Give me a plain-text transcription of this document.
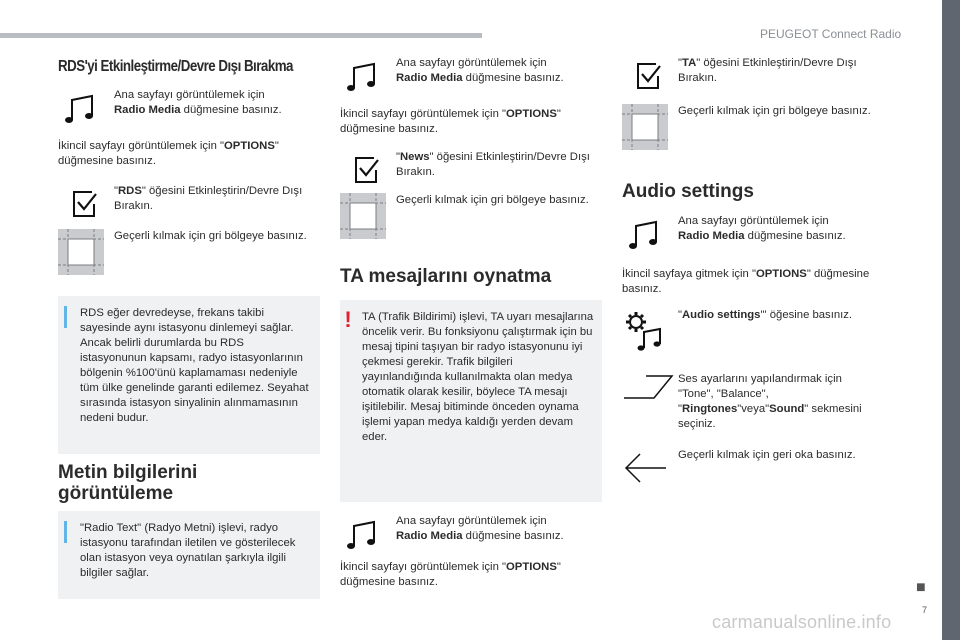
PEUGEOT Connect Radio
■
7
carmanualsonline.info
RDS'yi Etkinleştirme/Devre Dışı Bırakma
Ana sayfayı görüntülemek için
Radio Media düğmesine basınız.
İkincil sayfayı görüntülemek için "OPTIONS" düğmesine basınız.
"RDS" öğesini Etkinleştirin/Devre Dışı Bırakın.
Geçerli kılmak için gri bölgeye basınız.
RDS eğer devredeyse, frekans takibi sayesinde aynı istasyonu dinlemeyi sağlar. Ancak belirli durumlarda bu RDS istasyonunun kapsamı, radyo istasyonlarının bölgenin %100'ünü kaplamaması nedeniyle tüm ülke genelinde garanti edilemez. Seyahat sırasında istasyon sinyalinin alınmamasının nedeni budur.
Metin bilgilerini görüntüleme
"Radio Text" (Radyo Metni) işlevi, radyo istasyonu tarafından iletilen ve gösterilecek olan istasyon veya oynatılan şarkıyla ilgili bilgiler sağlar.
Ana sayfayı görüntülemek için
Radio Media düğmesine basınız.
İkincil sayfayı görüntülemek için "OPTIONS" düğmesine basınız.
"News" öğesini Etkinleştirin/Devre Dışı Bırakın.
Geçerli kılmak için gri bölgeye basınız.
TA mesajlarını oynatma
! TA (Trafik Bildirimi) işlevi, TA uyarı mesajlarına öncelik verir. Bu fonksiyonu çalıştırmak için bu mesaj tipini taşıyan bir radyo istasyonunu iyi çekmesi gerekir. Trafik bilgileri yayınlandığında kullanılmakta olan medya otomatik olarak kesilir, böylece TA mesajı işitilebilir. Mesaj bitiminde önceden oynama işlemi yapan medya kaldığı yerden devam eder.
Ana sayfayı görüntülemek için
Radio Media düğmesine basınız.
İkincil sayfayı görüntülemek için "OPTIONS" düğmesine basınız.
"TA" öğesini Etkinleştirin/Devre Dışı Bırakın.
Geçerli kılmak için gri bölgeye basınız.
Audio settings
Ana sayfayı görüntülemek için
Radio Media düğmesine basınız.
İkincil sayfaya gitmek için "OPTIONS" düğmesine basınız.
"Audio settings"' öğesine basınız.
Ses ayarlarını yapılandırmak için "Tone", "Balance", "Ringtones"veya"Sound" sekmesini seçiniz.
Geçerli kılmak için geri oka basınız.
